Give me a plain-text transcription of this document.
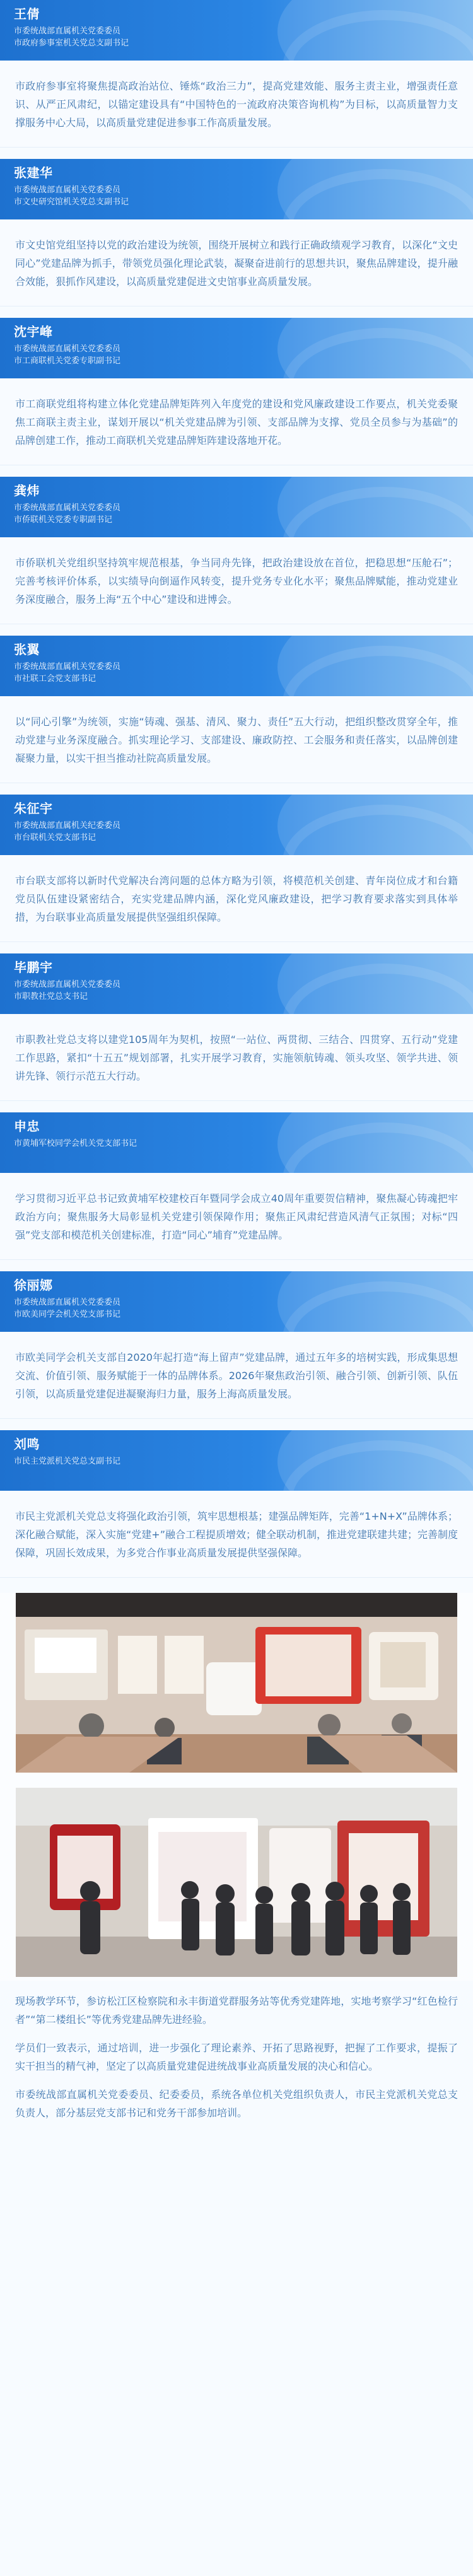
王倩
市委统战部直属机关党委委员
市政府参事室机关党总支副书记
市政府参事室将聚焦提高政治站位、锤炼“政治三力”，提高党建效能、服务主责主业，增强责任意识、从严正风肃纪，以锚定建设具有“中国特色的一流政府决策咨询机构”为目标，以高质量智力支撑服务中心大局，以高质量党建促进参事工作高质量发展。
张建华
市委统战部直属机关党委委员
市文史研究馆机关党总支副书记
市文史馆党组坚持以党的政治建设为统领，围绕开展树立和践行正确政绩观学习教育，以深化“文史同心”党建品牌为抓手，带领党员强化理论武装，凝聚奋进前行的思想共识，聚焦品牌建设，提升融合效能，狠抓作风建设，以高质量党建促进文史馆事业高质量发展。
沈宇峰
市委统战部直属机关党委委员
市工商联机关党委专职副书记
市工商联党组将构建立体化党建品牌矩阵列入年度党的建设和党风廉政建设工作要点，机关党委聚焦工商联主责主业，谋划开展以“机关党建品牌为引领、支部品牌为支撑、党员全员参与为基础”的品牌创建工作，推动工商联机关党建品牌矩阵建设落地开花。
龚炜
市委统战部直属机关党委委员
市侨联机关党委专职副书记
市侨联机关党组织坚持筑牢规范根基，争当同舟先锋，把政治建设放在首位，把稳思想“压舱石”；完善考核评价体系，以实绩导向倒逼作风转变，提升党务专业化水平；聚焦品牌赋能，推动党建业务深度融合，服务上海“五个中心”建设和进博会。
张翼
市委统战部直属机关党委委员
市社联工会党支部书记
以“同心引擎”为统领，实施“铸魂、强基、清风、聚力、责任”五大行动，把组织整改贯穿全年，推动党建与业务深度融合。抓实理论学习、支部建设、廉政防控、工会服务和责任落实，以品牌创建凝聚力量，以实干担当推动社院高质量发展。
朱征宇
市委统战部直属机关纪委委员
市台联机关党支部书记
市台联支部将以新时代党解决台湾问题的总体方略为引领，将模范机关创建、青年岗位成才和台籍党员队伍建设紧密结合，充实党建品牌内涵，深化党风廉政建设，把学习教育要求落实到具体举措，为台联事业高质量发展提供坚强组织保障。
毕鹏宇
市委统战部直属机关党委委员
市职教社党总支书记
市职教社党总支将以建党105周年为契机，按照“一站位、两贯彻、三结合、四贯穿、五行动”党建工作思路，紧扣“十五五”规划部署，扎实开展学习教育，实施领航铸魂、领头攻坚、领学共进、领讲先锋、领行示范五大行动。
申忠
市黄埔军校同学会机关党支部书记
学习贯彻习近平总书记致黄埔军校建校百年暨同学会成立40周年重要贺信精神，聚焦凝心铸魂把牢政治方向；聚焦服务大局彰显机关党建引领保障作用；聚焦正风肃纪营造风清气正氛围；对标“四强”党支部和模范机关创建标准，打造“同心”埔育”党建品牌。
徐丽娜
市委统战部直属机关党委委员
市欧美同学会机关党支部书记
市欧美同学会机关支部自2020年起打造“海上留声”党建品牌，通过五年多的培树实践，形成集思想交流、价值引领、服务赋能于一体的品牌体系。2026年聚焦政治引领、融合引领、创新引领、队伍引领，以高质量党建促进凝聚海归力量，服务上海高质量发展。
刘鸣
市民主党派机关党总支副书记
市民主党派机关党总支将强化政治引领，筑牢思想根基；建强品牌矩阵，完善“1+N+X”品牌体系；深化融合赋能，深入实施“党建+”融合工程提质增效；健全联动机制，推进党建联建共建；完善制度保障，巩固长效成果，为多党合作事业高质量发展提供坚强保障。

现场教学环节，参访松江区检察院和永丰街道党群服务站等优秀党建阵地，实地考察学习“红色检行者”“第二楼组长”等优秀党建品牌先进经验。

学员们一致表示，通过培训，进一步强化了理论素养、开拓了思路视野，把握了工作要求，提振了实干担当的精气神，坚定了以高质量党建促进统战事业高质量发展的决心和信心。

市委统战部直属机关党委委员、纪委委员，系统各单位机关党组织负责人，市民主党派机关党总支负责人，部分基层党支部书记和党务干部参加培训。
